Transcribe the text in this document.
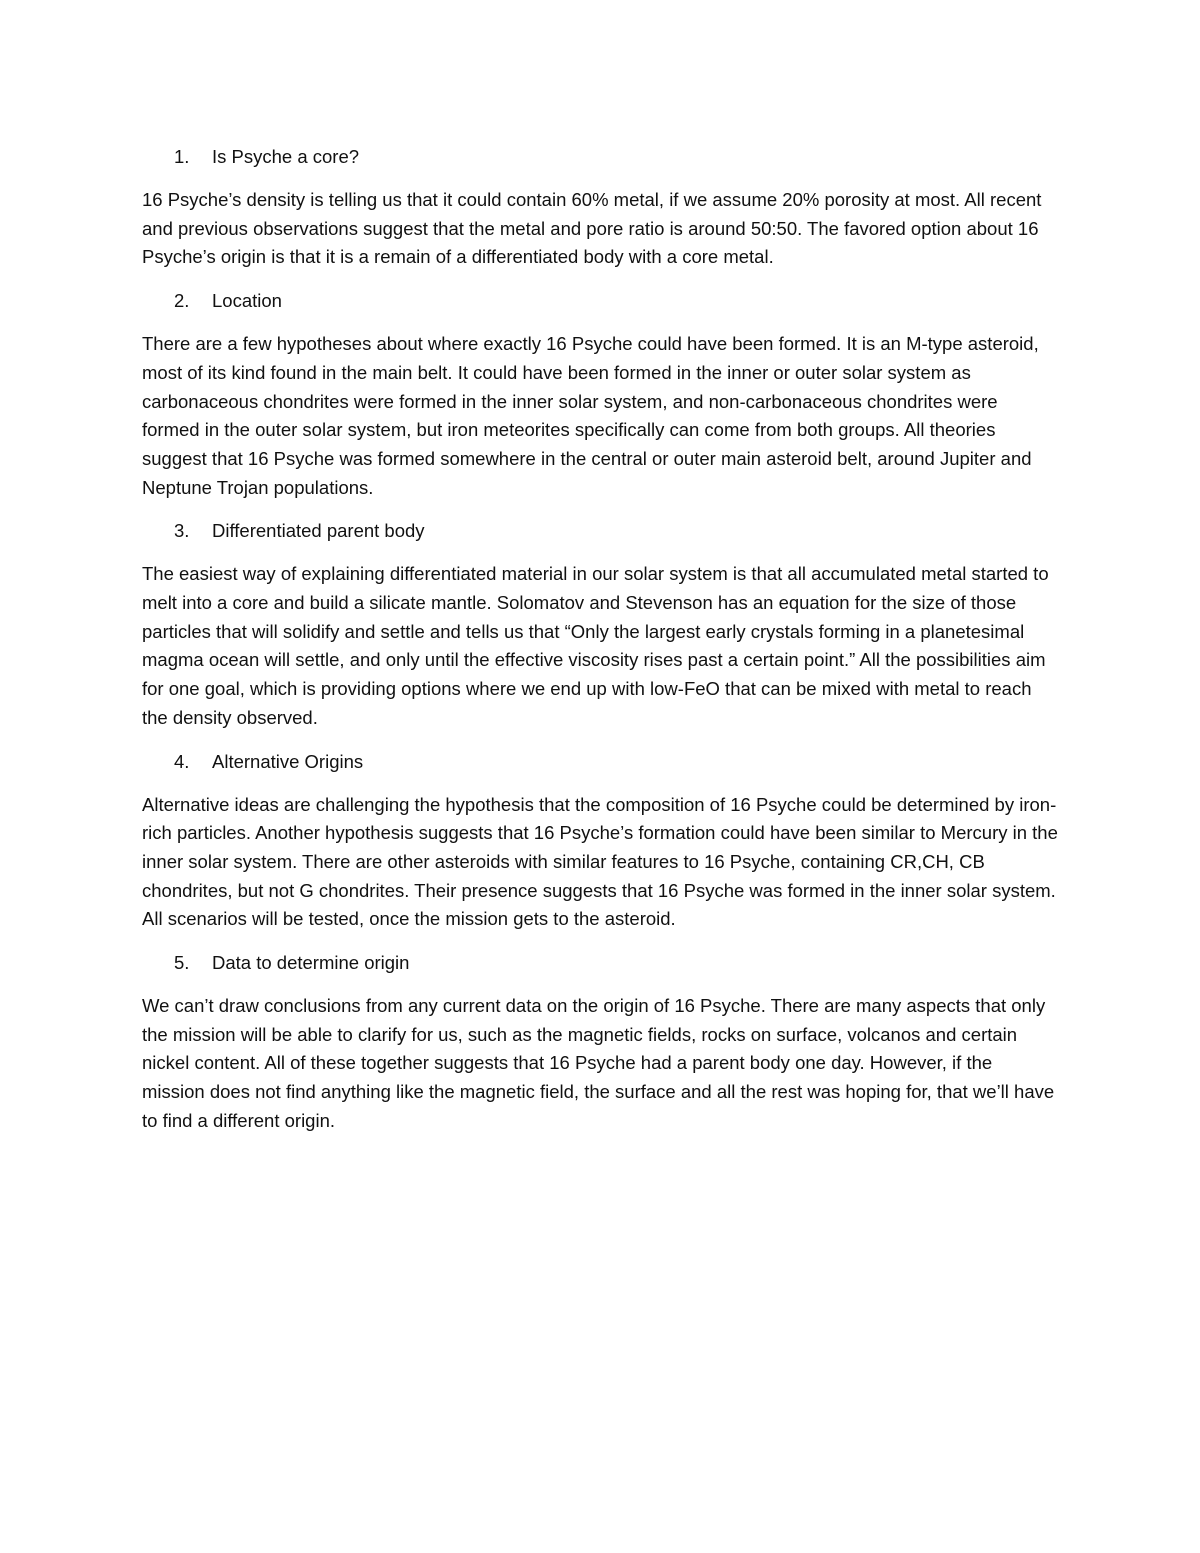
1.	Is Psyche a core?

16 Psyche’s density is telling us that it could contain 60% metal, if we assume 20% porosity at most. All recent and previous observations suggest that the metal and pore ratio is around 50:50. The favored option about 16 Psyche’s origin is that it is a remain of a differentiated body with a core metal.

2.	Location

There are a few hypotheses about where exactly 16 Psyche could have been formed. It is an M-type asteroid, most of its kind found in the main belt. It could have been formed in the inner or outer solar system as carbonaceous chondrites were formed in the inner solar system, and non-carbonaceous chondrites were formed in the outer solar system, but iron meteorites specifically can come from both groups. All theories suggest that 16 Psyche was formed somewhere in the central or outer main asteroid belt, around Jupiter and Neptune Trojan populations.

3.	Differentiated parent body

The easiest way of explaining differentiated material in our solar system is that all accumulated metal started to melt into a core and build a silicate mantle. Solomatov and Stevenson has an equation for the size of those particles that will solidify and settle and tells us that “Only the largest early crystals forming in a planetesimal magma ocean will settle, and only until the effective viscosity rises past a certain point.” All the possibilities aim for one goal, which is providing options where we end up with low-FeO that can be mixed with metal to reach the density observed.

4.	Alternative Origins

Alternative ideas are challenging the hypothesis that the composition of 16 Psyche could be determined by iron-rich particles. Another hypothesis suggests that 16 Psyche’s formation could have been similar to Mercury in the inner solar system. There are other asteroids with similar features to 16 Psyche, containing CR,CH, CB chondrites, but not G chondrites. Their presence suggests that 16 Psyche was formed in the inner solar system. All scenarios will be tested, once the mission gets to the asteroid.

5.	Data to determine origin

We can’t draw conclusions from any current data on the origin of 16 Psyche. There are many aspects that only the mission will be able to clarify for us, such as the magnetic fields, rocks on surface, volcanos and certain nickel content. All of these together suggests that 16 Psyche had a parent body one day. However, if the mission does not find anything like the magnetic field, the surface and all the rest was hoping for, that we’ll have to find a different origin.
